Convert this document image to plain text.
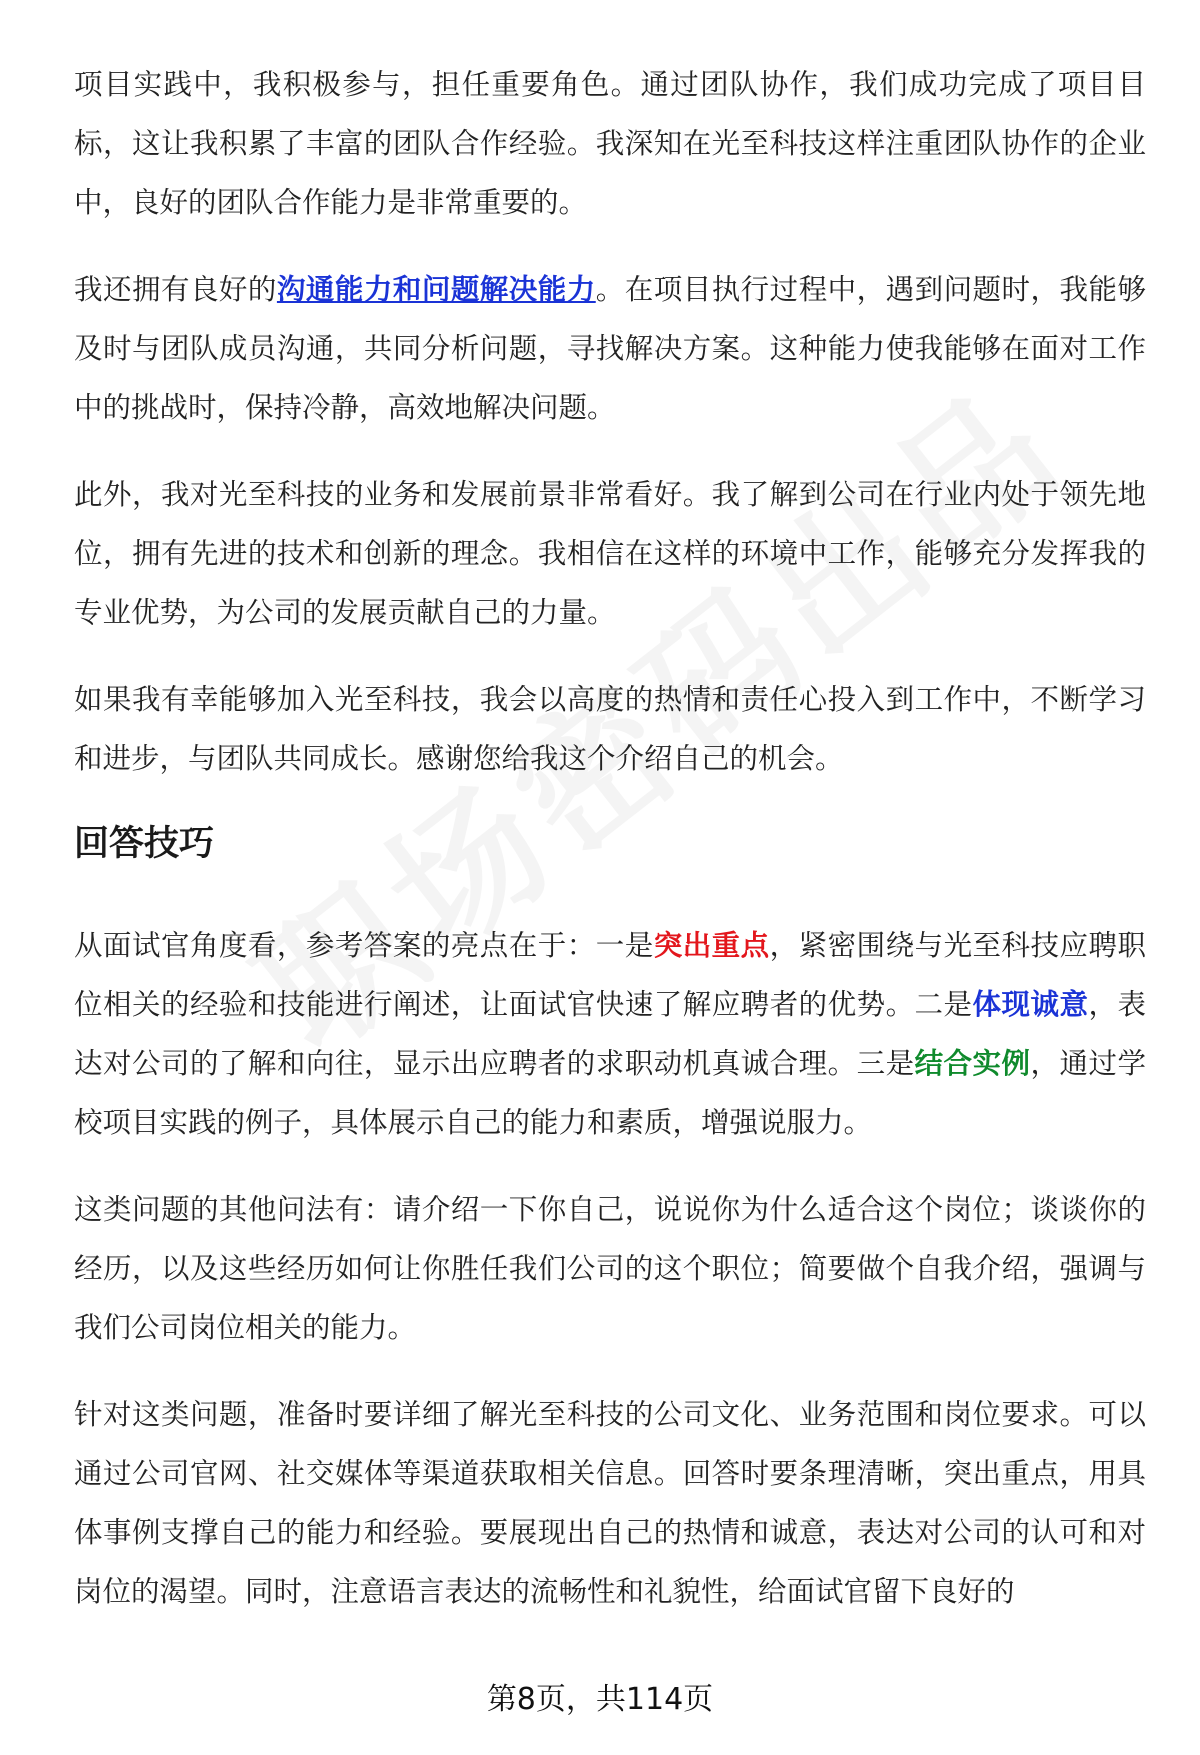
项目实践中，我积极参与，担任重要角色。通过团队协作，我们成功完成了项目目标，这让我积累了丰富的团队合作经验。我深知在光至科技这样注重团队协作的企业中，良好的团队合作能力是非常重要的。

我还拥有良好的沟通能力和问题解决能力。在项目执行过程中，遇到问题时，我能够及时与团队成员沟通，共同分析问题，寻找解决方案。这种能力使我能够在面对工作中的挑战时，保持冷静，高效地解决问题。

此外，我对光至科技的业务和发展前景非常看好。我了解到公司在行业内处于领先地位，拥有先进的技术和创新的理念。我相信在这样的环境中工作，能够充分发挥我的专业优势，为公司的发展贡献自己的力量。

如果我有幸能够加入光至科技，我会以高度的热情和责任心投入到工作中，不断学习和进步，与团队共同成长。感谢您给我这个介绍自己的机会。

回答技巧

从面试官角度看，参考答案的亮点在于：一是突出重点，紧密围绕与光至科技应聘职位相关的经验和技能进行阐述，让面试官快速了解应聘者的优势。二是体现诚意，表达对公司的了解和向往，显示出应聘者的求职动机真诚合理。三是结合实例，通过学校项目实践的例子，具体展示自己的能力和素质，增强说服力。

这类问题的其他问法有：请介绍一下你自己，说说你为什么适合这个岗位；谈谈你的经历，以及这些经历如何让你胜任我们公司的这个职位；简要做个自我介绍，强调与我们公司岗位相关的能力。

针对这类问题，准备时要详细了解光至科技的公司文化、业务范围和岗位要求。可以通过公司官网、社交媒体等渠道获取相关信息。回答时要条理清晰，突出重点，用具体事例支撑自己的能力和经验。要展现出自己的热情和诚意，表达对公司的认可和对岗位的渴望。同时，注意语言表达的流畅性和礼貌性，给面试官留下良好的

第8页，共114页
